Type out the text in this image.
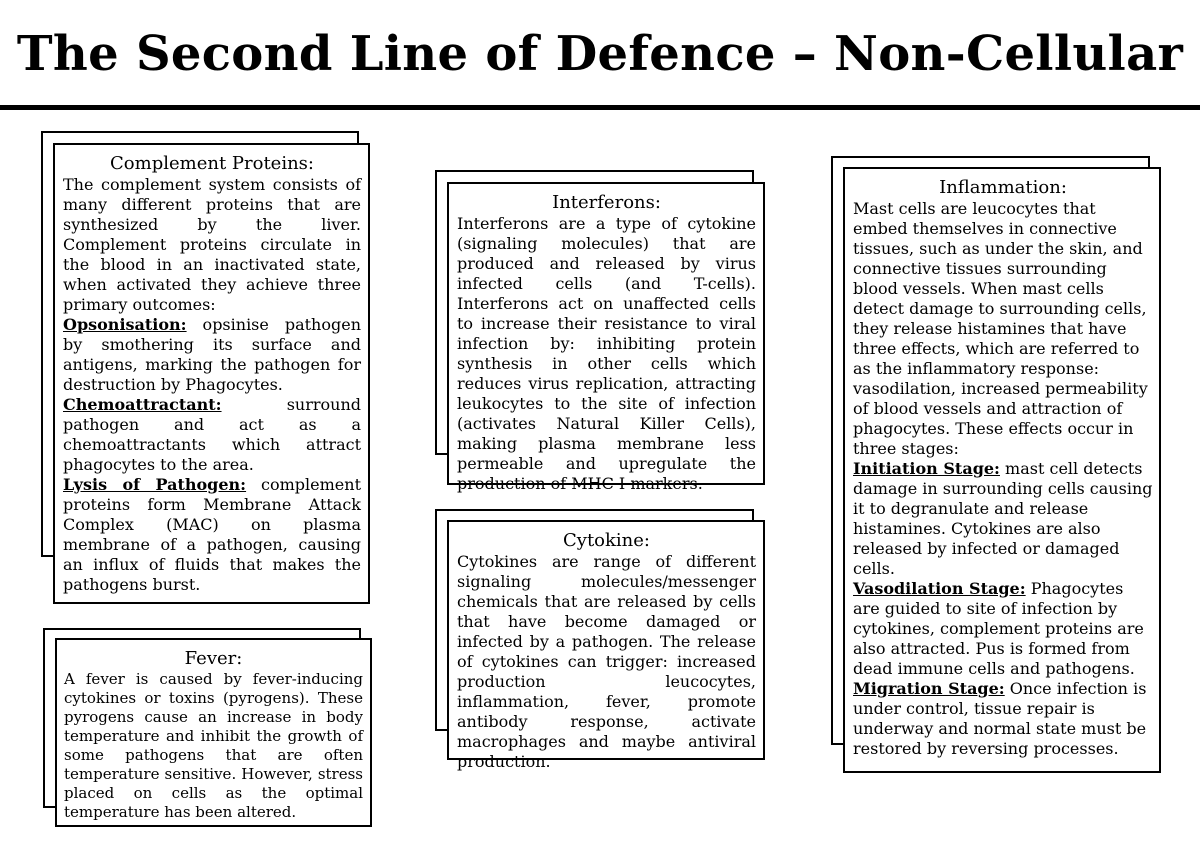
The Second Line of Defence – Non-Cellular
Complement Proteins:

The complement system consists of many different proteins that are synthesized by the liver. Complement proteins circulate in the blood in an inactivated state, when activated they achieve three primary outcomes:

Opsonisation: opsinise pathogen by smothering its surface and antigens, marking the pathogen for destruction by Phagocytes.

Chemoattractant: surround pathogen and act as a chemoattractants which attract phagocytes to the area.

Lysis of Pathogen: complement proteins form Membrane Attack Complex (MAC) on plasma membrane of a pathogen, causing an influx of fluids that makes the pathogens burst.

Fever:
A fever is caused by fever-inducing cytokines or toxins (pyrogens). These pyrogens cause an increase in body temperature and inhibit the growth of some pathogens that are often temperature sensitive. However, stress placed on cells as the optimal temperature has been altered.
Interferons:
Interferons are a type of cytokine (signaling molecules) that are produced and released by virus infected cells (and T-cells). Interferons act on unaffected cells to increase their resistance to viral infection by: inhibiting protein synthesis in other cells which reduces virus replication, attracting leukocytes to the site of infection (activates Natural Killer Cells), making plasma membrane less permeable and upregulate the production of MHC I markers.
Cytokine:
Cytokines are range of different signaling molecules/messenger chemicals that are released by cells that have become damaged or infected by a pathogen. The release of cytokines can trigger: increased production leucocytes, inflammation, fever, promote antibody response, activate macrophages and maybe antiviral production.
Inflammation:

Mast cells are leucocytes that embed themselves in connective tissues, such as under the skin, and connective tissues surrounding blood vessels. When mast cells detect damage to surrounding cells, they release histamines that have three effects, which are referred to as the inflammatory response: vasodilation, increased permeability of blood vessels and attraction of phagocytes. These effects occur in three stages:

Initiation Stage: mast cell detects damage in surrounding cells causing it to degranulate and release histamines. Cytokines are also released by infected or damaged cells.

Vasodilation Stage: Phagocytes are guided to site of infection by cytokines, complement proteins are also attracted. Pus is formed from dead immune cells and pathogens.

Migration Stage: Once infection is under control, tissue repair is underway and normal state must be restored by reversing processes.
